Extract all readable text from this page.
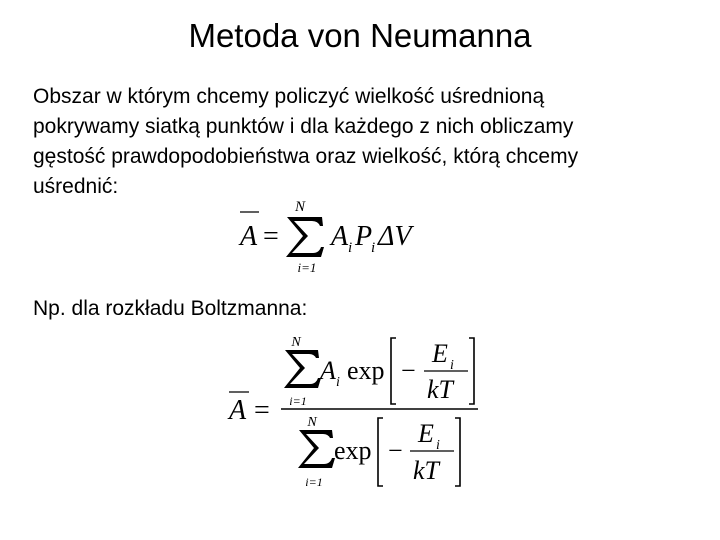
Metoda von Neumanna
Obszar w którym chcemy policzyć wielkość uśrednioną
pokrywamy siatką punktów i dla każdego z nich obliczamy
gęstość prawdopodobieństwa oraz wielkość, którą chcemy
uśrednić:
A =
N
i=1
A i P
i ΔV
Np. dla rozkładu Boltzmanna:
A =
N
i=1
A i exp −
E i
kT
N
i=1
exp −
E i
kT
